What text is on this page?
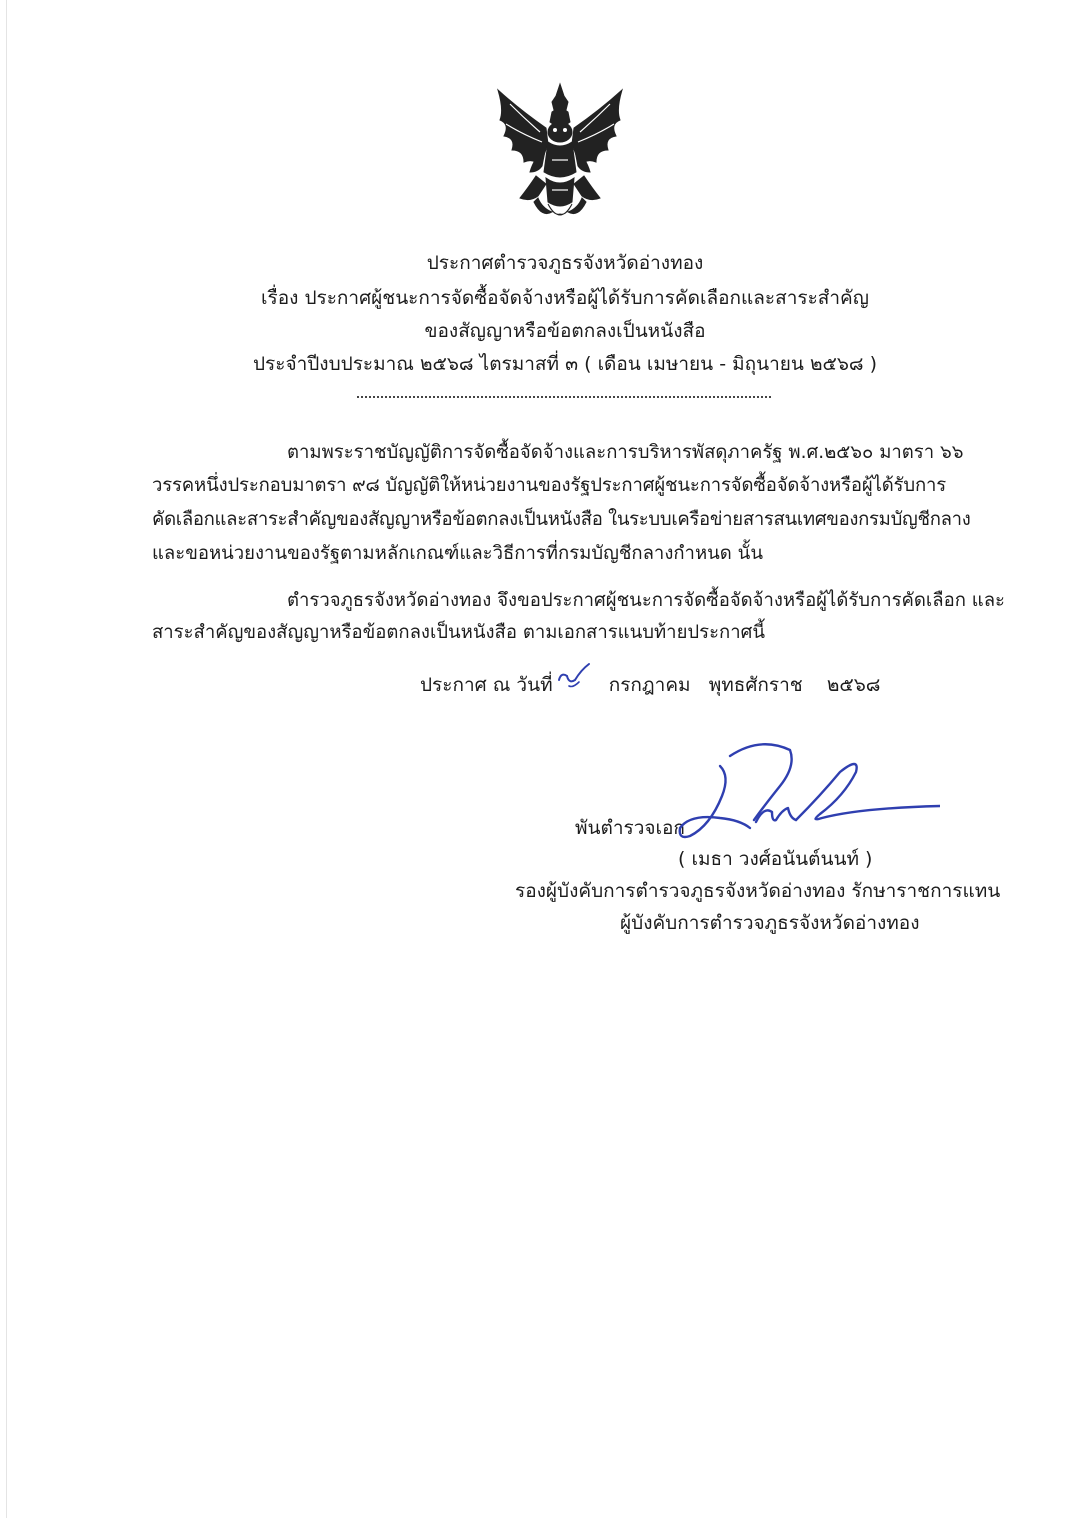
ประกาศตำรวจภูธรจังหวัดอ่างทอง
เรื่อง ประกาศผู้ชนะการจัดซื้อจัดจ้างหรือผู้ได้รับการคัดเลือกและสาระสำคัญ
ของสัญญาหรือข้อตกลงเป็นหนังสือ
ประจำปีงบประมาณ ๒๕๖๘ ไตรมาสที่ ๓ ( เดือน เมษายน - มิถุนายน ๒๕๖๘ )
ตามพระราชบัญญัติการจัดซื้อจัดจ้างและการบริหารพัสดุภาครัฐ พ.ศ.๒๕๖๐ มาตรา ๖๖
วรรคหนึ่งประกอบมาตรา ๙๘ บัญญัติให้หน่วยงานของรัฐประกาศผู้ชนะการจัดซื้อจัดจ้างหรือผู้ได้รับการ
คัดเลือกและสาระสำคัญของสัญญาหรือข้อตกลงเป็นหนังสือ ในระบบเครือข่ายสารสนเทศของกรมบัญชีกลาง
และขอหน่วยงานของรัฐตามหลักเกณฑ์และวิธีการที่กรมบัญชีกลางกำหนด นั้น
ตำรวจภูธรจังหวัดอ่างทอง จึงขอประกาศผู้ชนะการจัดซื้อจัดจ้างหรือผู้ได้รับการคัดเลือก และ
สาระสำคัญของสัญญาหรือข้อตกลงเป็นหนังสือ ตามเอกสารแนบท้ายประกาศนี้
ประกาศ ณ วันที่	กรกฎาคม พุทธศักราช ๒๕๖๘
พันตำรวจเอก
( เมธา วงศ์อนันต์นนท์ )
รองผู้บังคับการตำรวจภูธรจังหวัดอ่างทอง รักษาราชการแทน
ผู้บังคับการตำรวจภูธรจังหวัดอ่างทอง
